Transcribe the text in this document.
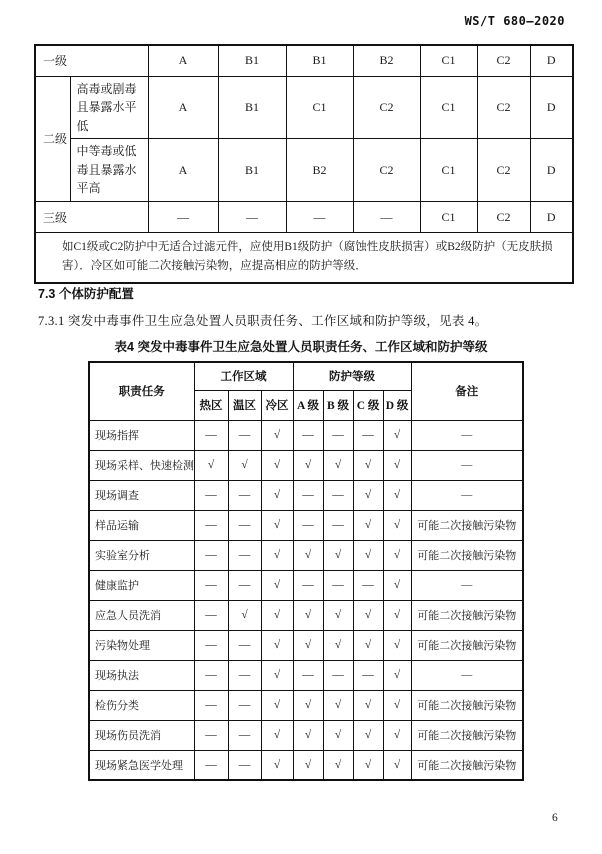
WS/T 680—2020
一级		A	B1	B1	B2	C1	C2	D
二级	高毒或剧毒且暴露水平低	A	B1	C1	C2	C1	C2	D
	中等毒或低毒且暴露水平高	A	B1	B2	C2	C1	C2	D
三级		—	—	—	—	C1	C2	D
如C1级或C2防护中无适合过滤元件，应使用B1级防护（腐蚀性皮肤损害）或B2级防护（无皮肤损害）．冷区如可能二次接触污染物，应提高相应的防护等级．								
7.3 个体防护配置
7.3.1 突发中毒事件卫生应急处置人员职责任务、工作区域和防护等级，见表 4。
表4 突发中毒事件卫生应急处置人员职责任务、工作区域和防护等级
职责任务	工作区域			防护等级				备注
	热区	温区	冷区	A 级	B 级	C 级	D 级	
现场指挥	—	—	√	—	—	—	√	—
现场采样、快速检测	√	√	√	√	√	√	√	—
现场调查	—	—	√	—	—	√	√	—
样品运输	—	—	√	—	—	√	√	可能二次接触污染物
实验室分析	—	—	√	√	√	√	√	可能二次接触污染物
健康监护	—	—	√	—	—	—	√	—
应急人员洗消	—	√	√	√	√	√	√	可能二次接触污染物
污染物处理	—	—	√	√	√	√	√	可能二次接触污染物
现场执法	—	—	√	—	—	—	√	—
检伤分类	—	—	√	√	√	√	√	可能二次接触污染物
现场伤员洗消	—	—	√	√	√	√	√	可能二次接触污染物
现场紧急医学处理	—	—	√	√	√	√	√	可能二次接触污染物
6
